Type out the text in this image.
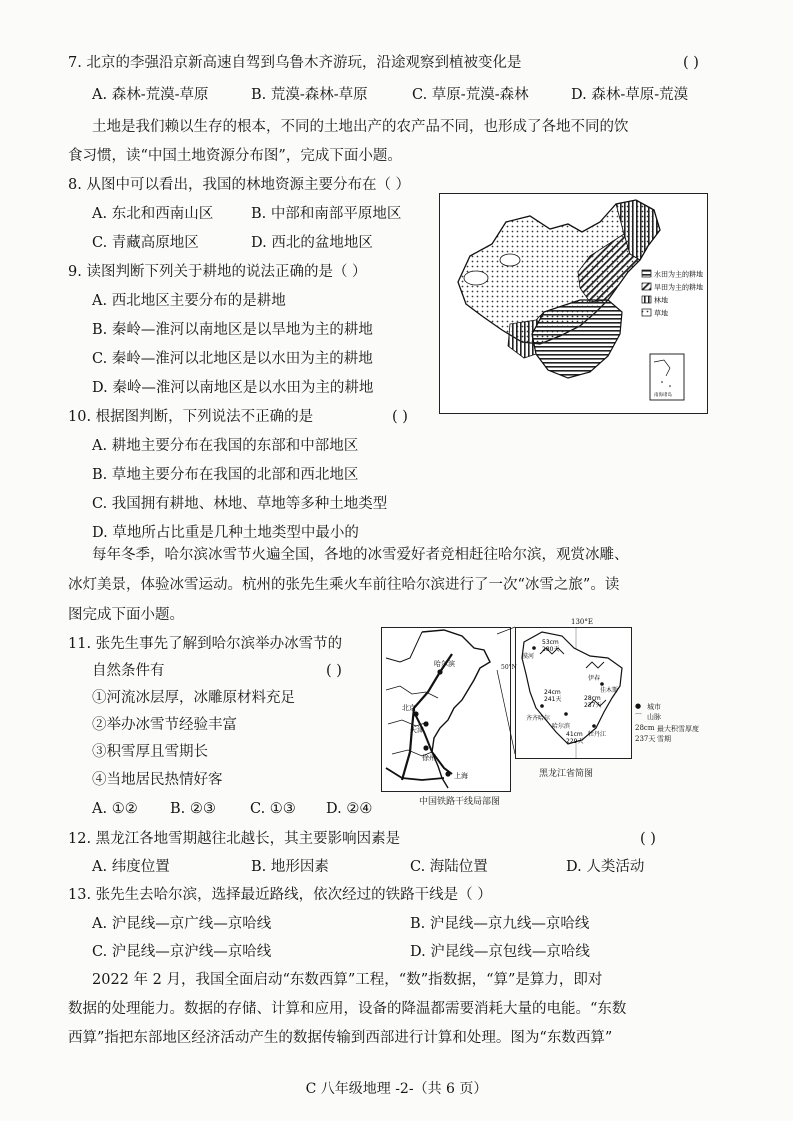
7. 北京的李强沿京新高速自驾到乌鲁木齐游玩，沿途观察到植被变化是	( )
A. 森林-荒漠-草原	B. 荒漠-森林-草原	C. 草原-荒漠-森林	D. 森林-草原-荒漠
土地是我们赖以生存的根本，不同的土地出产的农产品不同，也形成了各地不同的饮
食习惯，读“中国土地资源分布图”，完成下面小题。
8. 从图中可以看出，我国的林地资源主要分布在（ ）
A. 东北和西南山区	B. 中部和南部平原地区
C. 青藏高原地区	D. 西北的盆地地区
9. 读图判断下列关于耕地的说法正确的是（ ）
A. 西北地区主要分布的是耕地
B. 秦岭—淮河以南地区是以旱地为主的耕地
C. 秦岭—淮河以北地区是以水田为主的耕地
D. 秦岭—淮河以南地区是以水田为主的耕地
10. 根据图判断，下列说法不正确的是	( )
A. 耕地主要分布在我国的东部和中部地区
B. 草地主要分布在我国的北部和西北地区
C. 我国拥有耕地、林地、草地等多种土地类型
D. 草地所占比重是几种土地类型中最小的
水田为主的耕地
旱田为主的耕地
林地
草地
南海诸岛
每年冬季，哈尔滨冰雪节火遍全国，各地的冰雪爱好者竞相赶往哈尔滨，观赏冰雕、
冰灯美景，体验冰雪运动。杭州的张先生乘火车前往哈尔滨进行了一次“冰雪之旅”。读
图完成下面小题。
11. 张先生事先了解到哈尔滨举办冰雪节的
自然条件有	( )
①河流冰层厚，冰雕原材料充足
②举办冰雪节经验丰富
③积雪厚且雪期长
④当地居民热情好客
A. ①② B. ②③ C. ①③ D. ②④
哈尔滨
北京
天津
徐州
上海
中国铁路干线局部图
130°E
漠河
齐齐哈尔
哈尔滨
佳木斯
牡丹江
伊春
53cm
280天
24cm
241天	28cm
237天
41cm
229天
50°N
● 城市
⌒ 山脉
28cm 最大积雪厚度
237天 雪期
黑龙江省简图
12. 黑龙江各地雪期越往北越长，其主要影响因素是	( )
A. 纬度位置	B. 地形因素	C. 海陆位置	D. 人类活动
13. 张先生去哈尔滨，选择最近路线，依次经过的铁路干线是（ ）
A. 沪昆线—京广线—京哈线	B. 沪昆线—京九线—京哈线
C. 沪昆线—京沪线—京哈线	D. 沪昆线—京包线—京哈线
2022 年 2 月，我国全面启动“东数西算”工程，“数”指数据，“算”是算力，即对
数据的处理能力。数据的存储、计算和应用，设备的降温都需要消耗大量的电能。“东数
西算”指把东部地区经济活动产生的数据传输到西部进行计算和处理。图为“东数西算”
C 八年级地理 -2-（共 6 页）
